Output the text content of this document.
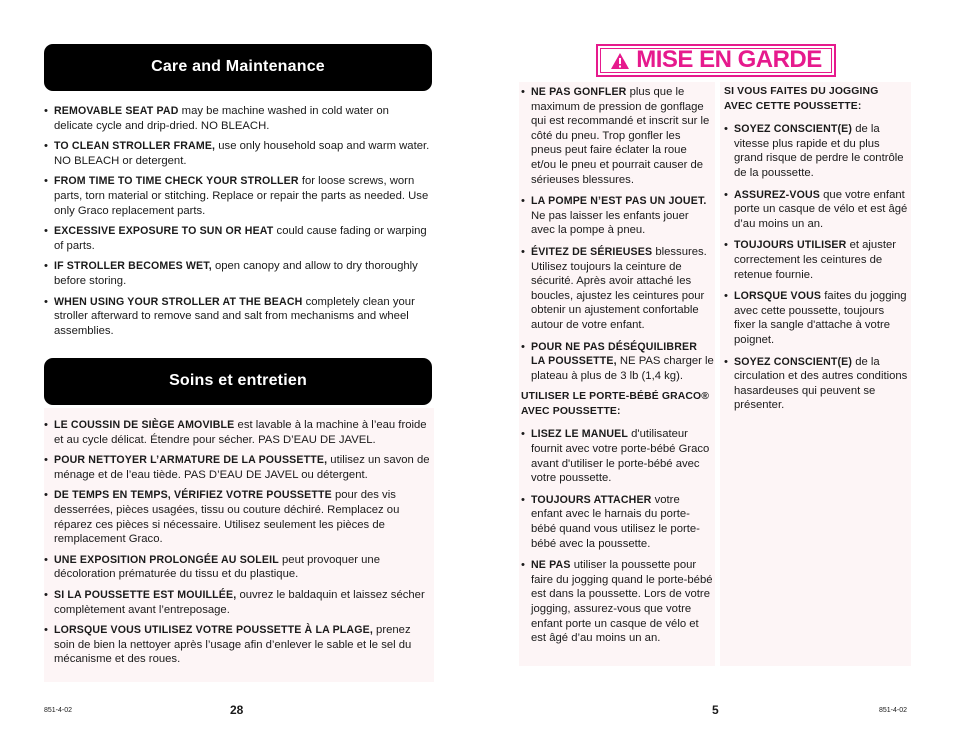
Care and Maintenance
• REMOVABLE SEAT PAD may be machine washed in cold water on delicate cycle and drip-dried. NO BLEACH.
• TO CLEAN STROLLER FRAME, use only household soap and warm water. NO BLEACH or detergent.
• FROM TIME TO TIME CHECK YOUR STROLLER for loose screws, worn parts, torn material or stitching. Replace or repair the parts as needed. Use only Graco replacement parts.
• EXCESSIVE EXPOSURE TO SUN OR HEAT could cause fading or warping of parts.
• IF STROLLER BECOMES WET, open canopy and allow to dry thoroughly before storing.
• WHEN USING YOUR STROLLER AT THE BEACH completely clean your stroller afterward to remove sand and salt from mechanisms and wheel assemblies.
Soins et entretien
• LE COUSSIN DE SIÈGE AMOVIBLE est lavable à la machine à l’eau froide et au cycle délicat. Étendre pour sécher. PAS D’EAU DE JAVEL.
• POUR NETTOYER L’ARMATURE DE LA POUSSETTE, utilisez un savon de ménage et de l’eau tiède. PAS D’EAU DE JAVEL ou détergent.
• DE TEMPS EN TEMPS, VÉRIFIEZ VOTRE POUSSETTE pour des vis desserrées, pièces usagées, tissu ou couture déchiré. Remplacez ou réparez ces pièces si nécessaire. Utilisez seulement les pièces de remplacement Graco.
• UNE EXPOSITION PROLONGÉE AU SOLEIL peut provoquer une décoloration prématurée du tissu et du plastique.
• SI LA POUSSETTE EST MOUILLÉE, ouvrez le baldaquin et laissez sécher complètement avant l’entreposage.
• LORSQUE VOUS UTILISEZ VOTRE POUSSETTE À LA PLAGE, prenez soin de bien la nettoyer après l’usage afin d’enlever le sable et le sel du mécanisme et des roues.
851-4-02	28
MISE EN GARDE
• NE PAS GONFLER plus que le maximum de pression de gonflage qui est recommandé et inscrit sur le côté du pneu. Trop gonfler les pneus peut faire éclater la roue et/ou le pneu et pourrait causer de sérieuses blessures.
• LA POMPE N’EST PAS UN JOUET. Ne pas laisser les enfants jouer avec la pompe à pneu.
• ÉVITEZ DE SÉRIEUSES blessures. Utilisez toujours la ceinture de sécurité. Après avoir attaché les boucles, ajustez les ceintures pour obtenir un ajustement confortable autour de votre enfant.
• POUR NE PAS DÉSÉQUILIBRER LA POUSSETTE, NE PAS charger le plateau à plus de 3 lb (1,4 kg).
UTILISER LE PORTE-BÉBÉ GRACO® AVEC POUSSETTE:
• LISEZ LE MANUEL d'utilisateur fournit avec votre porte-bébé Graco avant d'utiliser le porte-bébé avec votre poussette.
• TOUJOURS ATTACHER votre enfant avec le harnais du porte-bébé quand vous utilisez le porte-bébé avec la poussette.
• NE PAS utiliser la poussette pour faire du jogging quand le porte-bébé est dans la poussette. Lors de votre jogging, assurez-vous que votre enfant porte un casque de vélo et est âgé d’au moins un an.
SI VOUS FAITES DU JOGGING AVEC CETTE POUSSETTE:
• SOYEZ CONSCIENT(E) de la vitesse plus rapide et du plus grand risque de perdre le contrôle de la poussette.
• ASSUREZ-VOUS que votre enfant porte un casque de vélo et est âgé d’au moins un an.
• TOUJOURS UTILISER et ajuster correctement les ceintures de retenue fournie.
• LORSQUE VOUS faites du jogging avec cette poussette, toujours fixer la sangle d'attache à votre poignet.
• SOYEZ CONSCIENT(E) de la circulation et des autres conditions hasardeuses qui peuvent se présenter.
5	851-4-02
